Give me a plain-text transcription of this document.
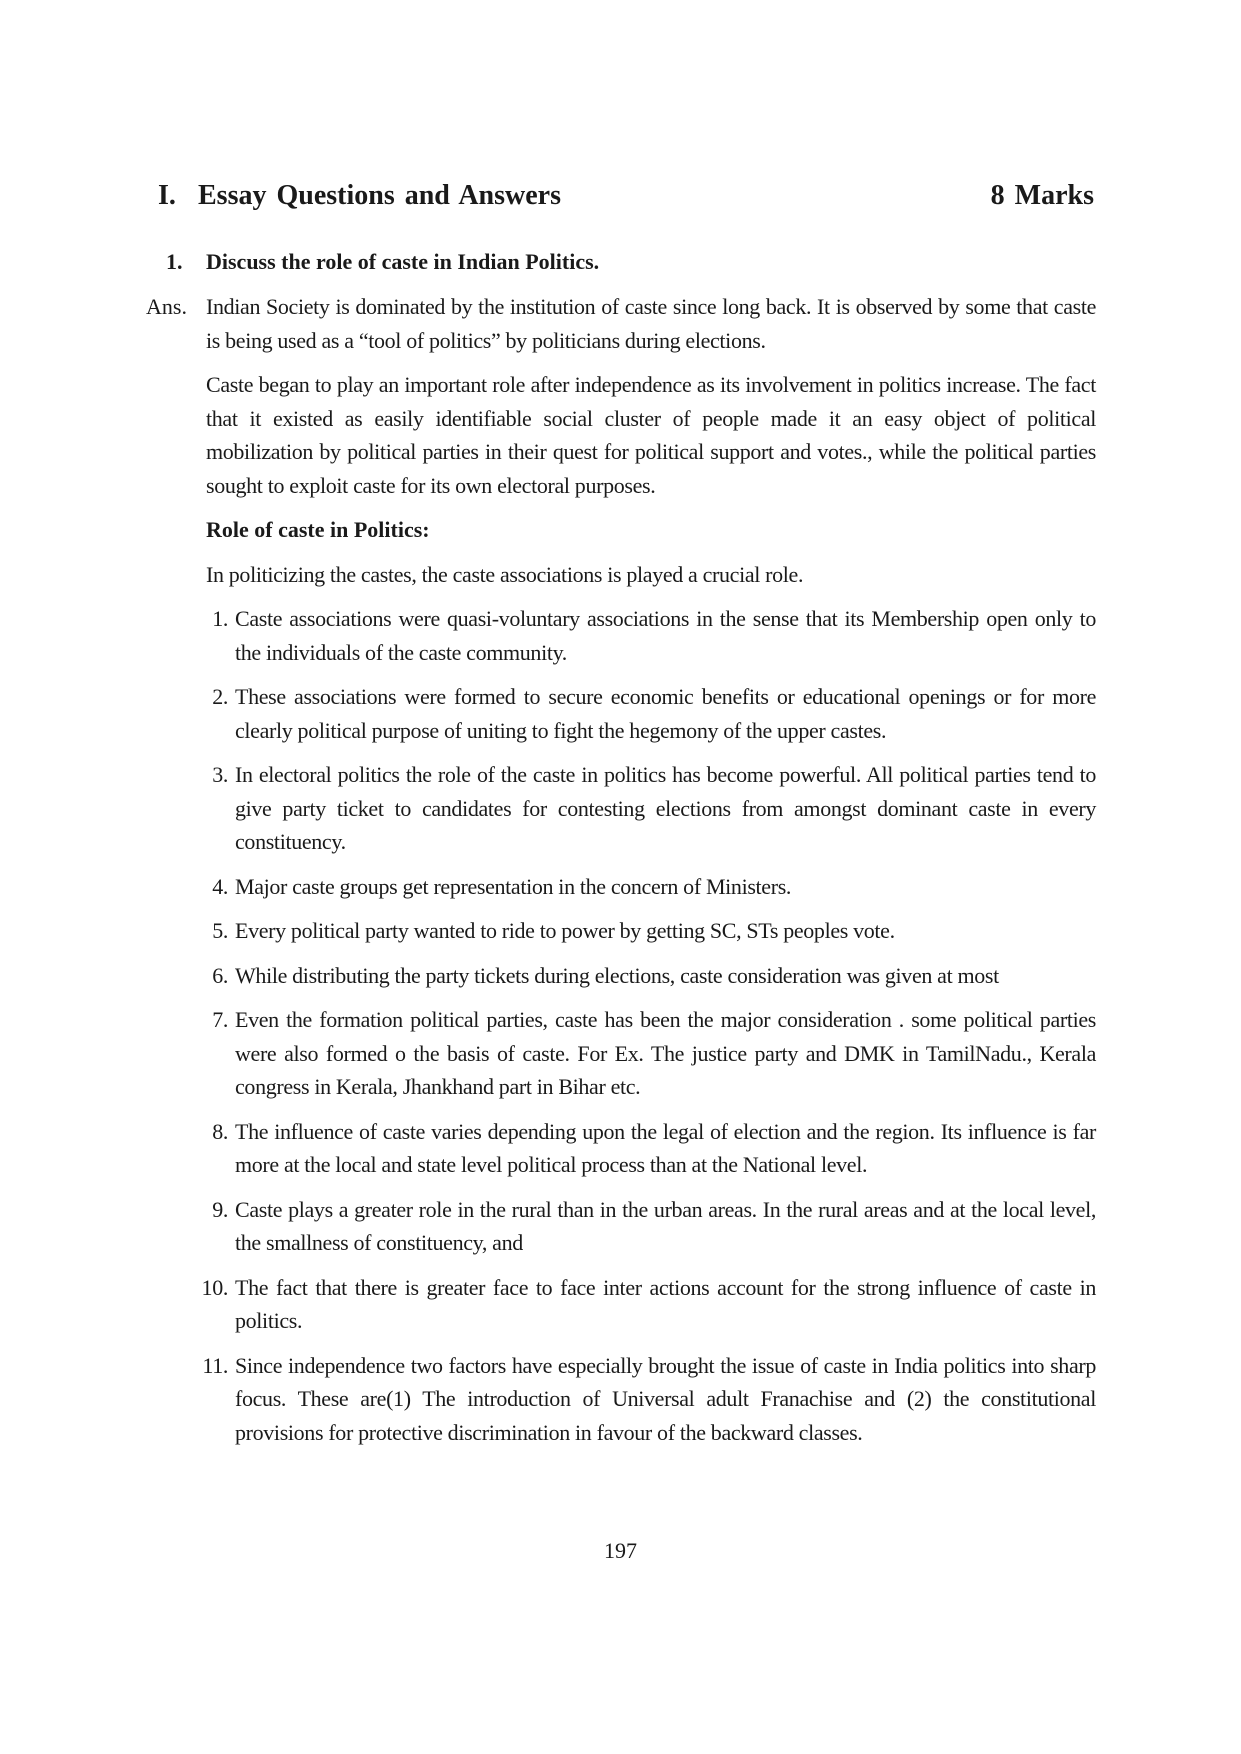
I. Essay Questions and Answers	8 Marks
1. Discuss the role of caste in Indian Politics.
Ans. Indian Society is dominated by the institution of caste since long back. It is observed by some that caste is being used as a “tool of politics” by politicians during elections.

Caste began to play an important role after independence as its involvement in politics increase. The fact that it existed as easily identifiable social cluster of people made it an easy object of political mobilization by political parties in their quest for political support and votes., while the political parties sought to exploit caste for its own electoral purposes.

Role of caste in Politics:

In politicizing the castes, the caste associations is played a crucial role.

1. Caste associations were quasi-voluntary associations in the sense that its Membership open only to the individuals of the caste community.
2. These associations were formed to secure economic benefits or educational openings or for more clearly political purpose of uniting to fight the hegemony of the upper castes.
3. In electoral politics the role of the caste in politics has become powerful. All political parties tend to give party ticket to candidates for contesting elections from amongst dominant caste in every constituency.
4. Major caste groups get representation in the concern of Ministers.
5. Every political party wanted to ride to power by getting SC, STs peoples vote.
6. While distributing the party tickets during elections, caste consideration was given at most
7. Even the formation political parties, caste has been the major consideration . some political parties were also formed o the basis of caste. For Ex. The justice party and DMK in TamilNadu., Kerala congress in Kerala, Jhankhand part in Bihar etc.
8. The influence of caste varies depending upon the legal of election and the region. Its influence is far more at the local and state level political process than at the National level.
9. Caste plays a greater role in the rural than in the urban areas. In the rural areas and at the local level, the smallness of constituency, and
10. The fact that there is greater face to face inter actions account for the strong influence of caste in politics.
11. Since independence two factors have especially brought the issue of caste in India politics into sharp focus. These are(1) The introduction of Universal adult Franachise and (2) the constitutional provisions for protective discrimination in favour of the backward classes.
197
